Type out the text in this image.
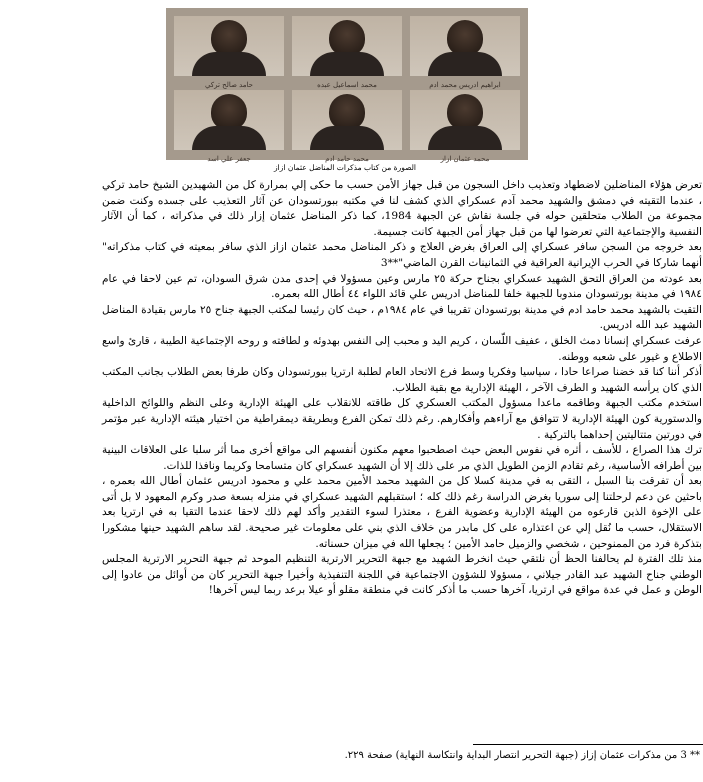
حامد صالح تركي	محمد اسماعيل عبده	ابراهيم ادريس محمد ادم
جعفر علي اسد	محمد حامد ادم	محمد عثمان ازاز
الصورة من كتاب مذكرات المناضل عثمان ازاز

تعرض هؤلاء المناضلين لاضطهاد وتعذيب داخل السجون من قبل جهاز الأمن حسب ما حكى إلي بمرارة كل من الشهيدين الشيخ حامد تركي ، عندما التقيته في دمشق والشهيد محمد آدم عسكراي الذي كشف لنا في مكتبه ببورتسودان عن آثار التعذيب على جسده وكنت ضمن مجموعة من الطلاب متحلقين حوله في جلسة نقاش عن الجبهة 1984، كما ذكر المناضل عثمان إزار ذلك في مذكراته ، كما أن الآثار النفسية والإجتماعية التي تعرضوا لها من قبل جهاز أمن الجبهة كانت جسيمة.

بعد خروجه من السجن سافر عسكراي إلى العراق بغرض العلاج و ذكر المناضل محمد عثمان ازاز الذي سافر بمعيته في كتاب مذكراته" أنهما شاركا في الحرب الإيرانية العراقية في الثمانينات القرن الماضي"**3

بعد عودته من العراق التحق الشهيد عسكراي بجناح حركة ٢٥ مارس وعين مسؤولا في إحدى مدن شرق السودان، تم عين لاحقا في عام ١٩٨٤ في مدينة بورتسودان مندوبا للجبهة خلفا للمناضل ادريس علي قائد اللواء ٤٤ أطال الله بعمره.

التقيت بالشهيد محمد حامد ادم في مدينة بورتسودان تقريبا في عام ١٩٨٤م ، حيث كان رئيسا لمكتب الجبهة جناح ٢٥ مارس بقيادة المناضل الشهيد عبد الله ادريس.

عرفت عسكراي إنسانا دمث الخلق ، عفيف اللّسان ، كريم اليد و محبب إلى النفس بهدوئه و لطافته و روحه الإجتماعية الطيبة ، قارئ واسع الاطلاع و غيور على شعبه ووطنه.

أذكر أننا كنا قد خضنا صراعا حادا ، سياسيا وفكريا وسط فرع الاتحاد العام لطلبة ارتريا ببورتسودان وكان طرفا بعض الطلاب بجانب المكتب الذي كان يرأسه الشهيد و الطرف الآخر ، الهيئة الإدارية مع بقية الطلاب.

استخدم مكتب الجبهة وطاقمه ماعدا مسؤول المكتب العسكري كل طاقته للانقلاب على الهيئة الإدارية وعلى النظم واللوائح الداخلية والدستورية كون الهيئة الإدارية لا تتوافق مع آراءهم وأفكارهم. رغم ذلك تمكن الفرع وبطريقة ديمقراطية من اختيار هيئته الإدارية عبر مؤتمر في دورتين متتاليتين إحداهما بالتركية .

ترك هذا الصراع ، للأسف ، أثره في نفوس البعض حيث اصطحبوا معهم مكنون أنفسهم الى مواقع أخرى مما أثر سلبا على العلاقات البينية بين أطرافه الأساسية، رغم تقادم الزمن الطويل الذي مر على ذلك إلا أن الشهيد عسكراي كان متسامحا وكريما ونافذا للذات.

بعد أن تفرقت بنا السبل ، التقى به في مدينة كسلا كل من الشهيد محمد الأمين محمد علي و محمود ادريس عثمان أطال الله بعمره ، باحثين عن دعم لرحلتنا إلى سوريا بغرض الدراسة رغم ذلك كله ؛ استقبلهم الشهيد عسكراي في منزله بسعة صدر وكرم المعهود لا بل أتى على الإخوة الذين قارعوه من الهيئة الإدارية وعضوية الفرع ، معتذرا لسوء التقدير وأكد لهم ذلك لاحقا عندما التقيا به في ارتريا بعد الاستقلال، حسب ما نُقل إلي عن اعتذاره على كل مابدر من خلاف الذي بني على معلومات غير صحيحة. لقد ساهم الشهيد حينها مشكورا بتذكرة فرد من الممنوحين ، شخصي والزميل حامد الأمين ؛ يجعلها الله في ميزان حسناته.

منذ تلك الفترة لم يحالفنا الحظ أن نلتقي حيث انخرط الشهيد مع جبهة التحرير الارترية التنظيم الموحد ثم جبهة التحرير الارترية المجلس الوطني جناح الشهيد عبد القادر جيلاني ، مسؤولا للشؤون الاجتماعية في اللجنة التنفيذية وأخيرا جبهة التحرير كان من أوائل من عادوا إلى الوطن و عمل في عدة مواقع في ارتريا، آخرها حسب ما أذكر كانت في منطقة مقلو أو عيلا برعد ربما ليس آخرها!

** 3 من مذكرات عثمان إزاز (جبهة التحرير انتصار البداية وانتكاسة النهاية) صفحة ٢٢٩.
